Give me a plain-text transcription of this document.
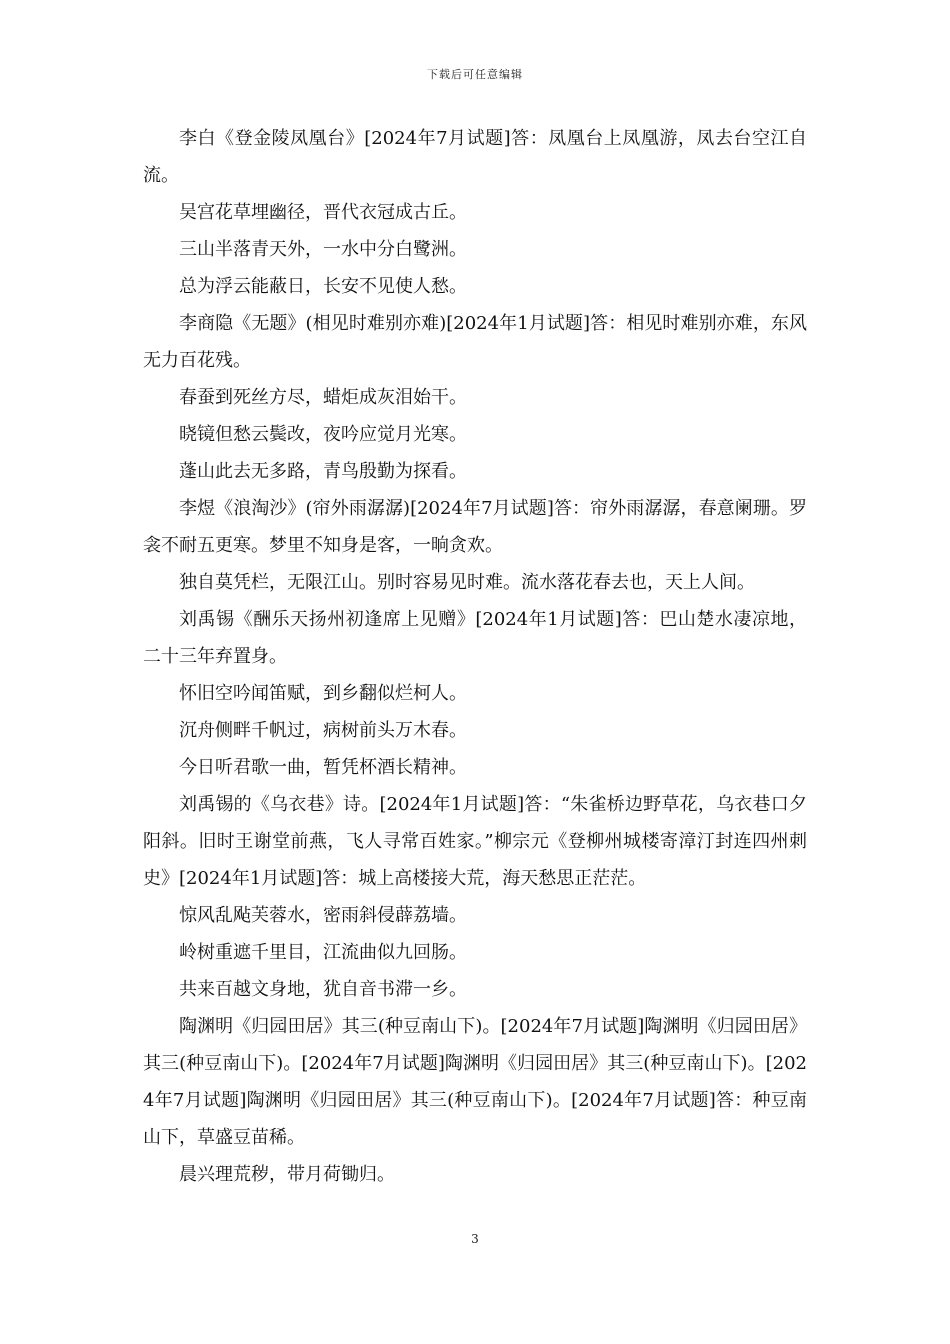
下载后可任意编辑

李白《登金陵凤凰台》[2024年7月试题]答：凤凰台上凤凰游，凤去台空江自流。

吴宫花草埋幽径，晋代衣冠成古丘。

三山半落青天外，一水中分白鹭洲。

总为浮云能蔽日，长安不见使人愁。

李商隐《无题》(相见时难别亦难)[2024年1月试题]答：相见时难别亦难，东风无力百花残。

春蚕到死丝方尽，蜡炬成灰泪始干。

晓镜但愁云鬓改，夜吟应觉月光寒。

蓬山此去无多路，青鸟殷勤为探看。

李煜《浪淘沙》(帘外雨潺潺)[2024年7月试题]答：帘外雨潺潺，春意阑珊。罗衾不耐五更寒。梦里不知身是客，一晌贪欢。

独自莫凭栏，无限江山。别时容易见时难。流水落花春去也，天上人间。

刘禹锡《酬乐天扬州初逢席上见赠》[2024年1月试题]答：巴山楚水凄凉地，二十三年弃置身。

怀旧空吟闻笛赋，到乡翻似烂柯人。

沉舟侧畔千帆过，病树前头万木春。

今日听君歌一曲，暂凭杯酒长精神。

刘禹锡的《乌衣巷》诗。[2024年1月试题]答：“朱雀桥边野草花，乌衣巷口夕阳斜。旧时王谢堂前燕，飞人寻常百姓家。”柳宗元《登柳州城楼寄漳汀封连四州刺史》[2024年1月试题]答：城上高楼接大荒，海天愁思正茫茫。

惊风乱飐芙蓉水，密雨斜侵薜荔墙。

岭树重遮千里目，江流曲似九回肠。

共来百越文身地，犹自音书滞一乡。

陶渊明《归园田居》其三(种豆南山下)。[2024年7月试题]陶渊明《归园田居》其三(种豆南山下)。[2024年7月试题]陶渊明《归园田居》其三(种豆南山下)。[2024年7月试题]陶渊明《归园田居》其三(种豆南山下)。[2024年7月试题]答：种豆南山下，草盛豆苗稀。

晨兴理荒秽，带月荷锄归。

3
